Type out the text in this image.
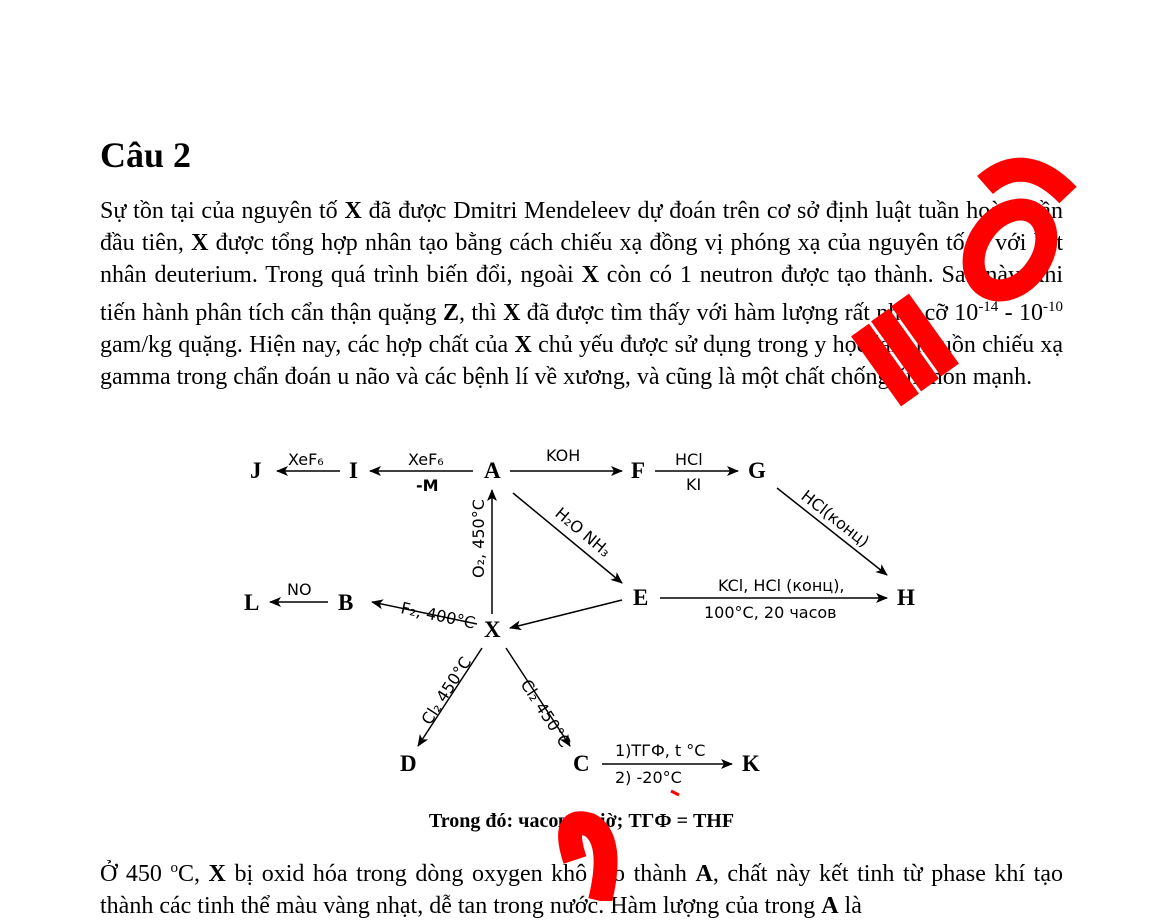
Câu 2

Sự tồn tại của nguyên tố X đã được Dmitri Mendeleev dự đoán trên cơ sở định luật tuần hoàn. Lần đầu tiên, X được tổng hợp nhân tạo bằng cách chiếu xạ đồng vị phóng xạ của nguyên tố Z với hạt nhân deuterium. Trong quá trình biến đổi, ngoài X còn có 1 neutron được tạo thành. Sau này, khi tiến hành phân tích cẩn thận quặng Z, thì X đã được tìm thấy với hàm lượng rất nhỏ, cỡ $10^{-14} - 10^{-10}$ gam/kg quặng. Hiện nay, các hợp chất của X chủ yếu được sử dụng trong y học làm nguồn chiếu xạ gamma trong chẩn đoán u não và các bệnh lí về xương, và cũng là một chất chống ăn mòn mạnh.

J	I	A	F	G
L	B
X
E	H
D	C	K
XeF₆	XeF₆
-M
KOH	HCl
KI
HCl(конц)
O₂, 450°C	H₂O NH₃
KCl, HCl (конц),
100°C, 20 часов
NO
F₂, 400°C
Cl₂ 450°C	Cl₂ 450°C	1)ТГФ, t °C
2) -20°C

Trong đó: часов = giờ; ТГФ = THF

Ở 450 $^o$C, X bị oxid hóa trong dòng oxygen khô tạo thành A, chất này kết tinh từ phase khí tạo thành các tinh thể màu vàng nhạt, dễ tan trong nước. Hàm lượng của trong A là
